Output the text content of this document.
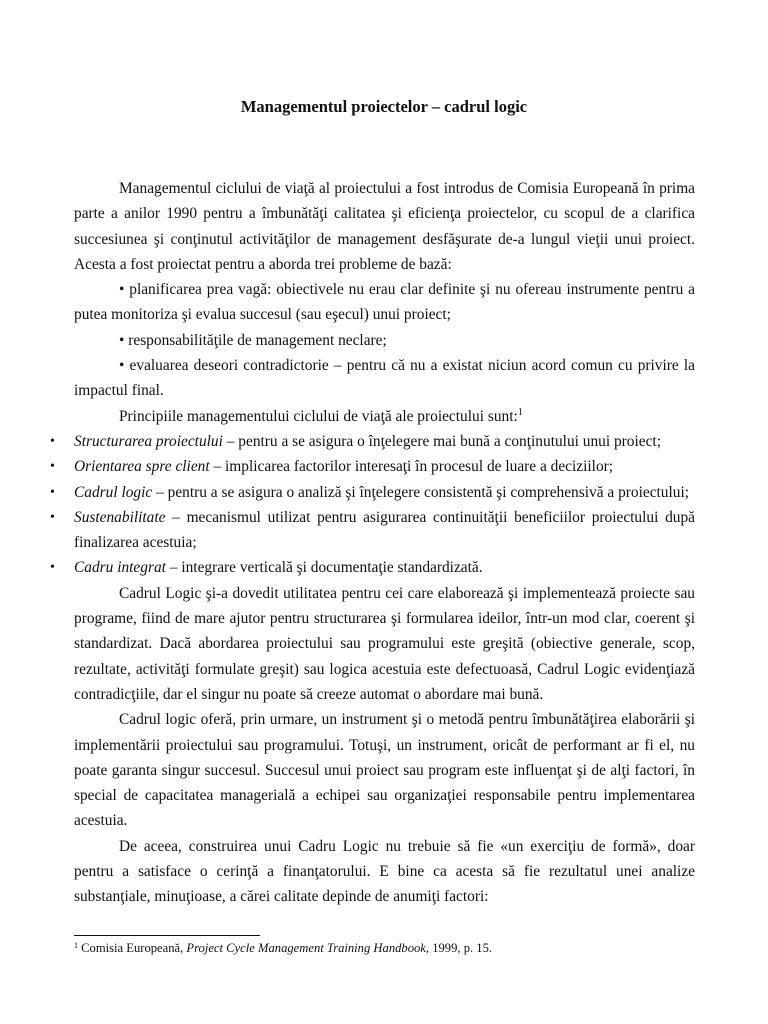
Managementul proiectelor – cadrul logic

Managementul ciclului de viaţă al proiectului a fost introdus de Comisia Europeană în prima parte a anilor 1990 pentru a îmbunătăţi calitatea şi eficienţa proiectelor, cu scopul de a clarifica succesiunea şi conţinutul activităţilor de management desfăşurate de-a lungul vieţii unui proiect. Acesta a fost proiectat pentru a aborda trei probleme de bază:

• planificarea prea vagă: obiectivele nu erau clar definite şi nu ofereau instrumente pentru a putea monitoriza şi evalua succesul (sau eşecul) unui proiect;

• responsabilităţile de management neclare;

• evaluarea deseori contradictorie – pentru că nu a existat niciun acord comun cu privire la impactul final.

Principiile managementului ciclului de viaţă ale proiectului sunt:$^1$

• Structurarea proiectului – pentru a se asigura o înţelegere mai bună a conţinutului unui proiect;
• Orientarea spre client – implicarea factorilor interesaţi în procesul de luare a deciziilor;
• Cadrul logic – pentru a se asigura o analiză şi înţelegere consistentă şi comprehensivă a proiectului;
• Sustenabilitate – mecanismul utilizat pentru asigurarea continuităţii beneficiilor proiectului după finalizarea acestuia;
• Cadru integrat – integrare verticală şi documentaţie standardizată.

Cadrul Logic şi-a dovedit utilitatea pentru cei care elaborează şi implementează proiecte sau programe, fiind de mare ajutor pentru structurarea şi formularea ideilor, într-un mod clar, coerent şi standardizat. Dacă abordarea proiectului sau programului este greşită (obiective generale, scop, rezultate, activităţi formulate greşit) sau logica acestuia este defectuoasă, Cadrul Logic evidenţiază contradicţiile, dar el singur nu poate să creeze automat o abordare mai bună.

Cadrul logic oferă, prin urmare, un instrument şi o metodă pentru îmbunătăţirea elaborării şi implementării proiectului sau programului. Totuşi, un instrument, oricât de performant ar fi el, nu poate garanta singur succesul. Succesul unui proiect sau program este influenţat şi de alţi factori, în special de capacitatea managerială a echipei sau organizaţiei responsabile pentru implementarea acestuia.

De aceea, construirea unui Cadru Logic nu trebuie să fie «un exerciţiu de formă», doar pentru a satisface o cerinţă a finanţatorului. E bine ca acesta să fie rezultatul unei analize substanţiale, minuţioase, a cărei calitate depinde de anumiţi factori:

$^1$ Comisia Europeană, Project Cycle Management Training Handbook, 1999, p. 15.
